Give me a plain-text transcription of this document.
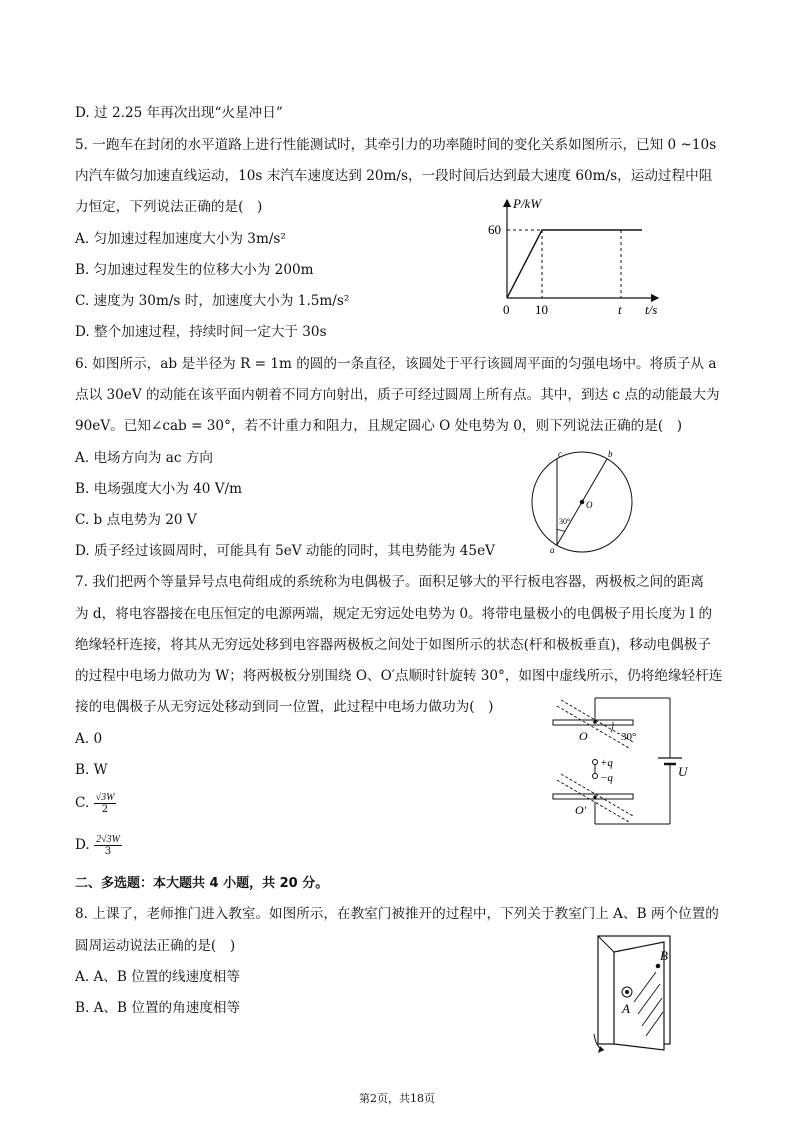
D. 过 2.25 年再次出现“火星冲日”
5. 一跑车在封闭的水平道路上进行性能测试时，其牵引力的功率随时间的变化关系如图所示，已知 0 ~10s
内汽车做匀加速直线运动，10s 末汽车速度达到 20m/s，一段时间后达到最大速度 60m/s，运动过程中阻
力恒定，下列说法正确的是(　)
A. 匀加速过程加速度大小为 3m/s²
B. 匀加速过程发生的位移大小为 200m
C. 速度为 30m/s 时，加速度大小为 1.5m/s²
D. 整个加速过程，持续时间一定大于 30s
6. 如图所示，ab 是半径为 R = 1m 的圆的一条直径，该圆处于平行该圆周平面的匀强电场中。将质子从 a
点以 30eV 的动能在该平面内朝着不同方向射出，质子可经过圆周上所有点。其中，到达 c 点的动能最大为
90eV。已知∠cab = 30°，若不计重力和阻力，且规定圆心 O 处电势为 0，则下列说法正确的是(　)
A. 电场方向为 ac 方向
B. 电场强度大小为 40 V/m
C. b 点电势为 20 V
D. 质子经过该圆周时，可能具有 5eV 动能的同时，其电势能为 45eV
7. 我们把两个等量异号点电荷组成的系统称为电偶极子。面积足够大的平行板电容器，两极板之间的距离
为 d，将电容器接在电压恒定的电源两端，规定无穷远处电势为 0。将带电量极小的电偶极子用长度为 l 的
绝缘轻杆连接，将其从无穷远处移到电容器两极板之间处于如图所示的状态(杆和极板垂直)，移动电偶极子
的过程中电场力做功为 W；将两极板分别围绕 O、O′点顺时针旋转 30°，如图中虚线所示，仍将绝缘轻杆连
接的电偶极子从无穷远处移动到同一位置，此过程中电场力做功为(　)
A. 0
B. W
C. $\frac{√3W}{2}$
D. $\frac{2√3W}{3}$
二、多选题：本大题共 4 小题，共 20 分。
8. 上课了，老师推门进入教室。如图所示，在教室门被推开的过程中，下列关于教室门上 A、B 两个位置的
圆周运动说法正确的是(　)
A. A、B 位置的线速度相等
B. A、B 位置的角速度相等
P/kW
60
0 10	t t/s
c	b
O
a
30°
O
O′
30°
+q
−q	U
A
B
第2页，共18页
